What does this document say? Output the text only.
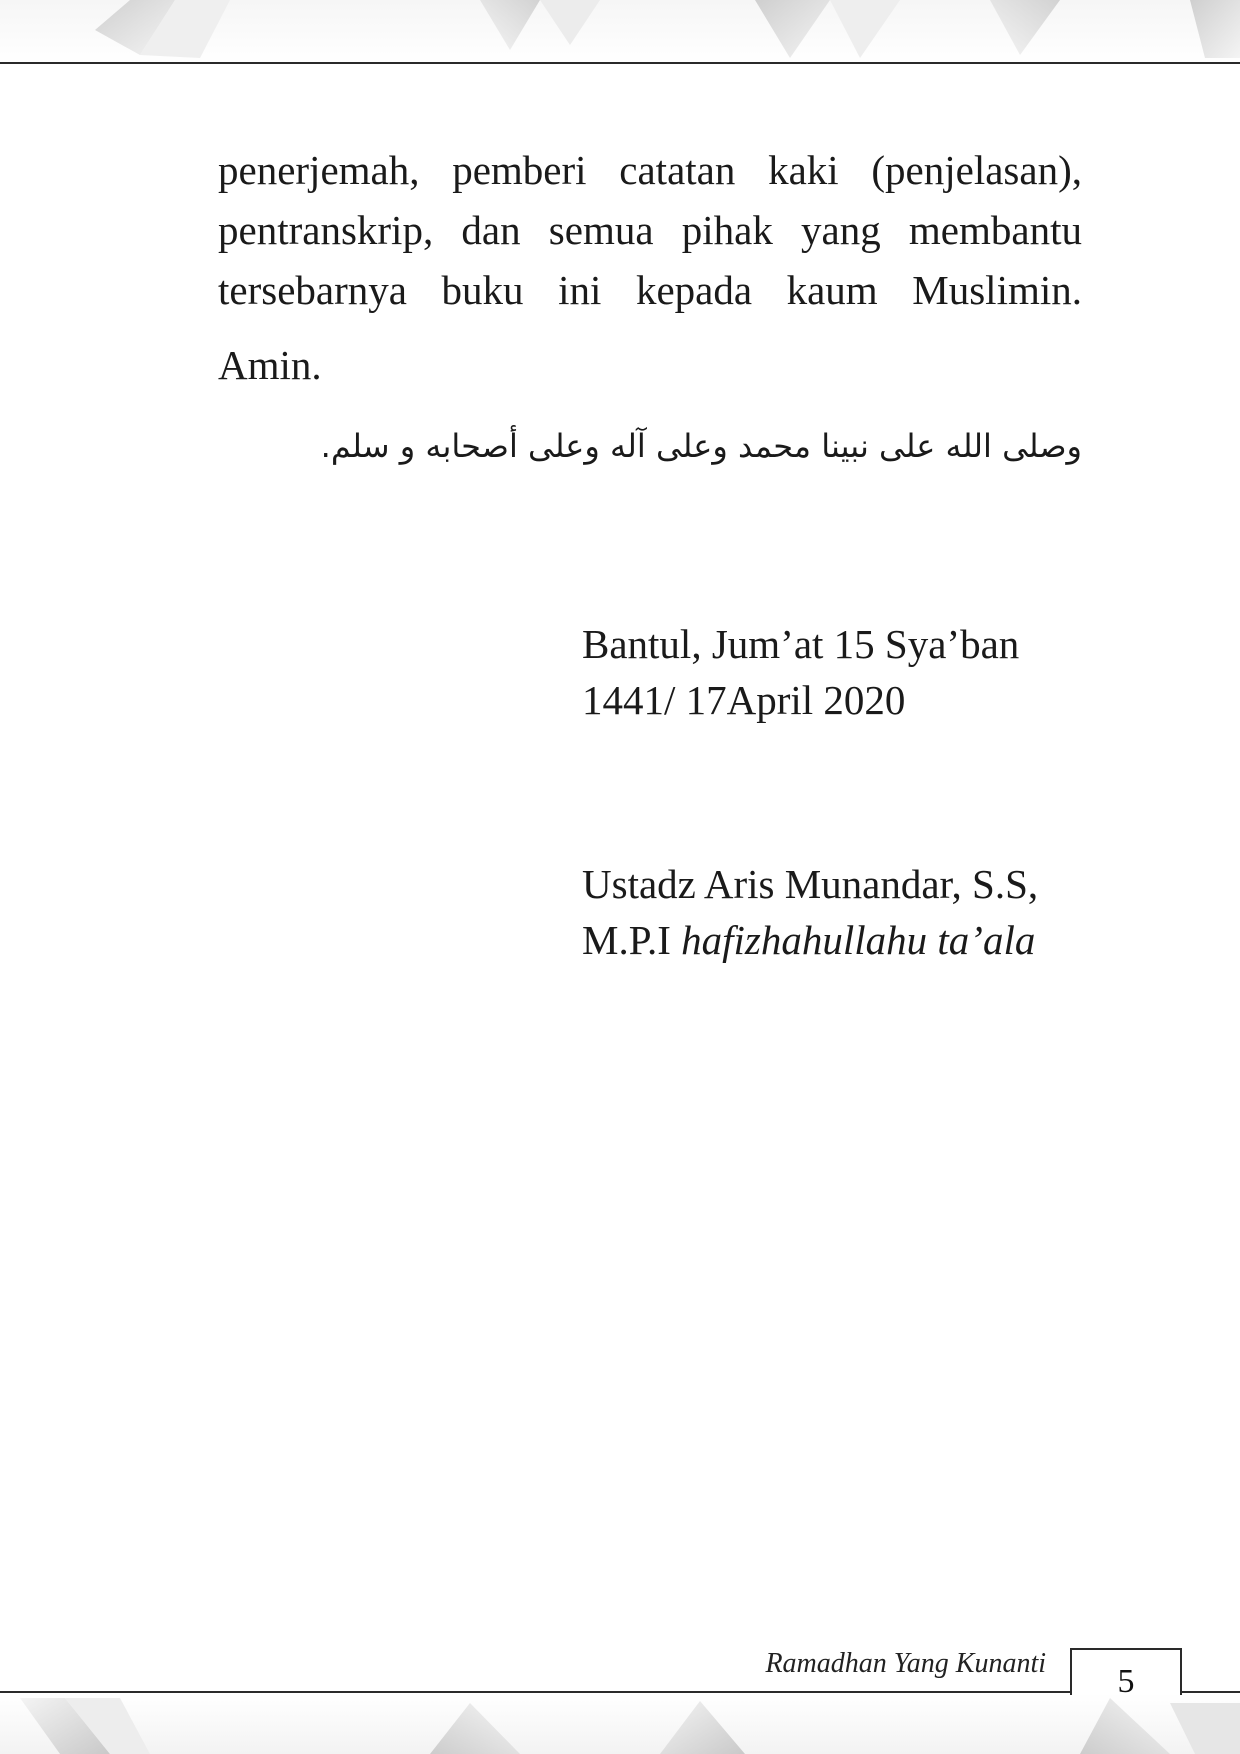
penerjemah, pemberi catatan kaki (penjelasan), pentranskrip, dan semua pihak yang membantu tersebarnya buku ini kepada kaum Muslimin.
Amin.
وصلى الله على نبينا محمد وعلى آله وعلى أصحابه و سلم.
Bantul, Jum’at 15 Sya’ban
1441/ 17April 2020
Ustadz Aris Munandar, S.S,
M.P.I hafizhahullahu ta’ala
Ramadhan Yang Kunanti	5
